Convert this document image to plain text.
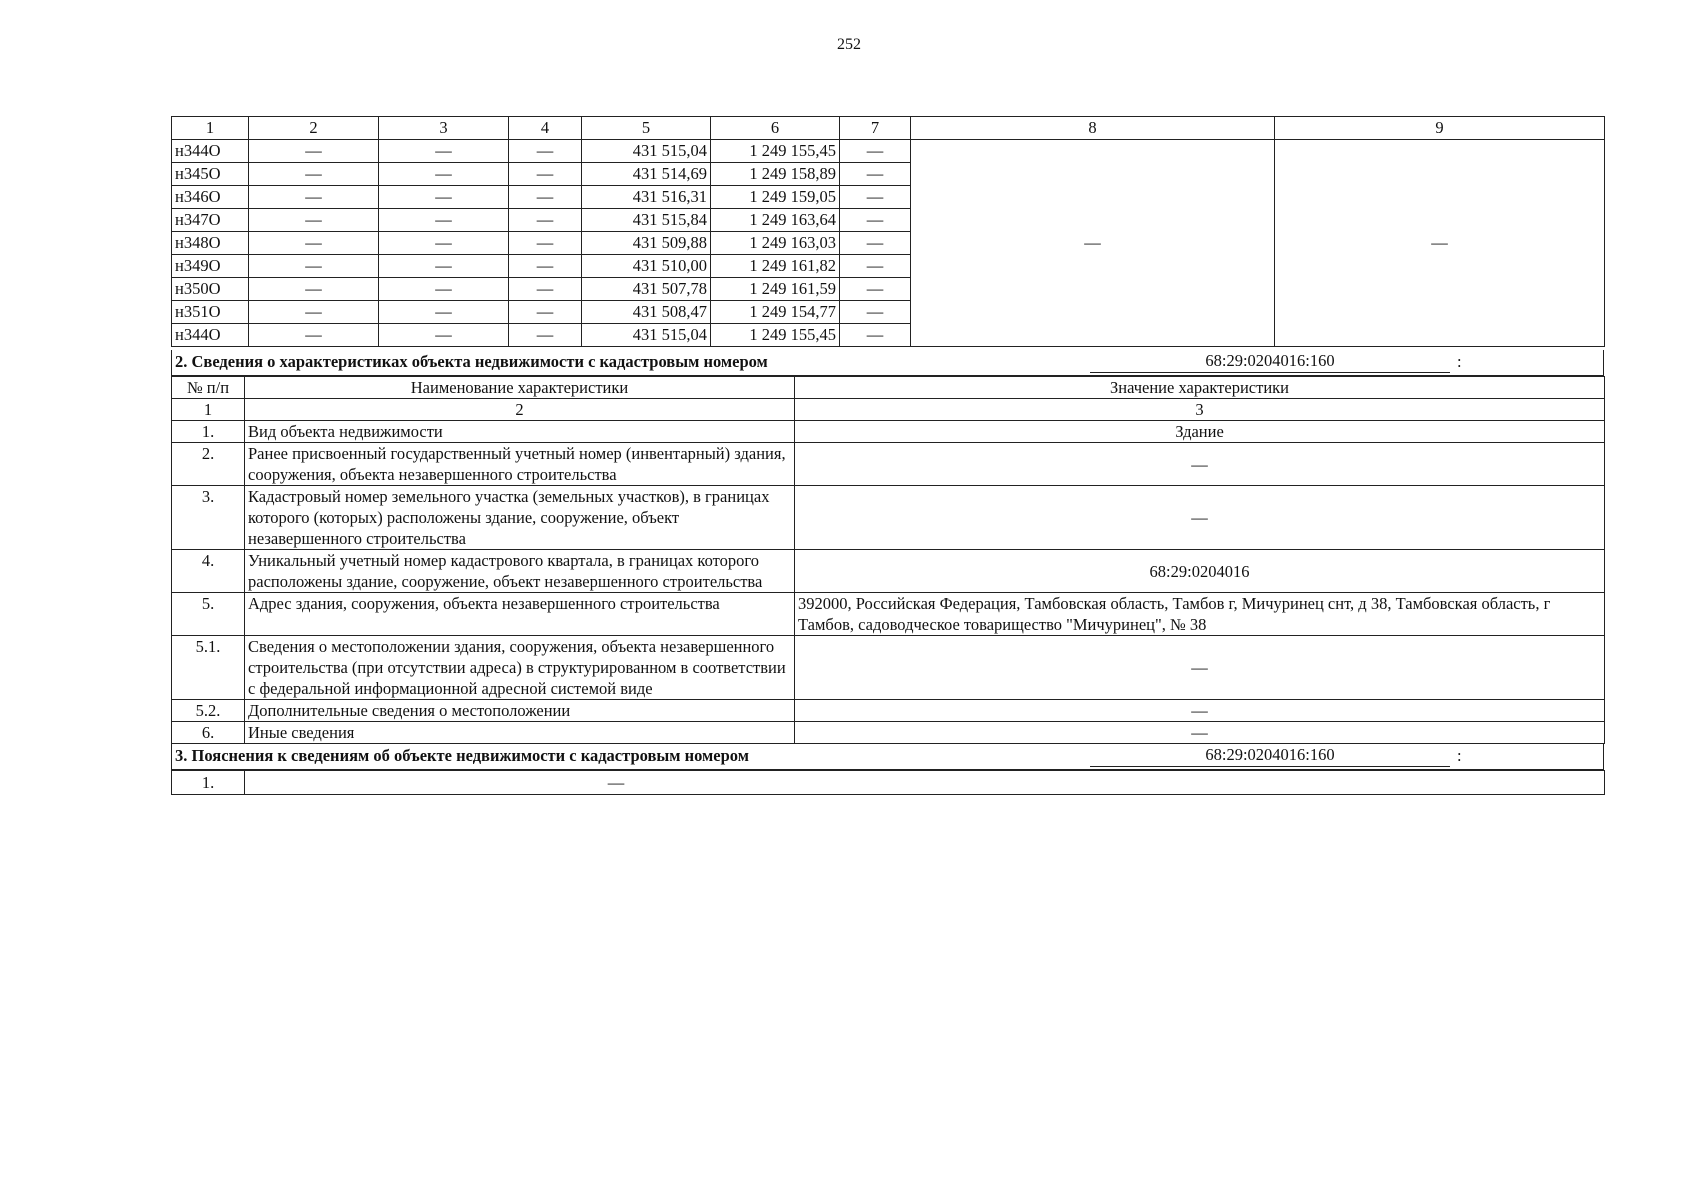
252
1	2	3	4	5	6	7	8	9
н344О	—	—	—	431 515,04	1 249 155,45	—	—	—
н345О	—	—	—	431 514,69	1 249 158,89	—		
н346О	—	—	—	431 516,31	1 249 159,05	—		
н347О	—	—	—	431 515,84	1 249 163,64	—		
н348О	—	—	—	431 509,88	1 249 163,03	—		
н349О	—	—	—	431 510,00	1 249 161,82	—		
н350О	—	—	—	431 507,78	1 249 161,59	—		
н351О	—	—	—	431 508,47	1 249 154,77	—		
н344О	—	—	—	431 515,04	1 249 155,45	—		
2. Сведения о характеристиках объекта недвижимости с кадастровым номером	68:29:0204016:160	:
№ п/п	Наименование характеристики	Значение характеристики
1	2	3
1.	Вид объекта недвижимости	Здание
2.	Ранее присвоенный государственный учетный номер (инвентарный) здания, сооружения, объекта незавершенного строительства	—
3.	Кадастровый номер земельного участка (земельных участков), в границах которого (которых) расположены здание, сооружение, объект незавершенного строительства	—
4.	Уникальный учетный номер кадастрового квартала, в границах которого расположены здание, сооружение, объект незавершенного строительства	68:29:0204016
5.	Адрес здания, сооружения, объекта незавершенного строительства	392000, Российская Федерация, Тамбовская область, Тамбов г, Мичуринец снт, д 38, Тамбовская область, г Тамбов, садоводческое товарищество "Мичуринец", № 38
5.1.	Сведения о местоположении здания, сооружения, объекта незавершенного строительства (при отсутствии адреса) в структурированном в соответствии с федеральной информационной адресной системой виде	—
5.2.	Дополнительные сведения о местоположении	—
6.	Иные сведения	—
3. Пояснения к сведениям об объекте недвижимости с кадастровым номером	68:29:0204016:160	:
1.	—
